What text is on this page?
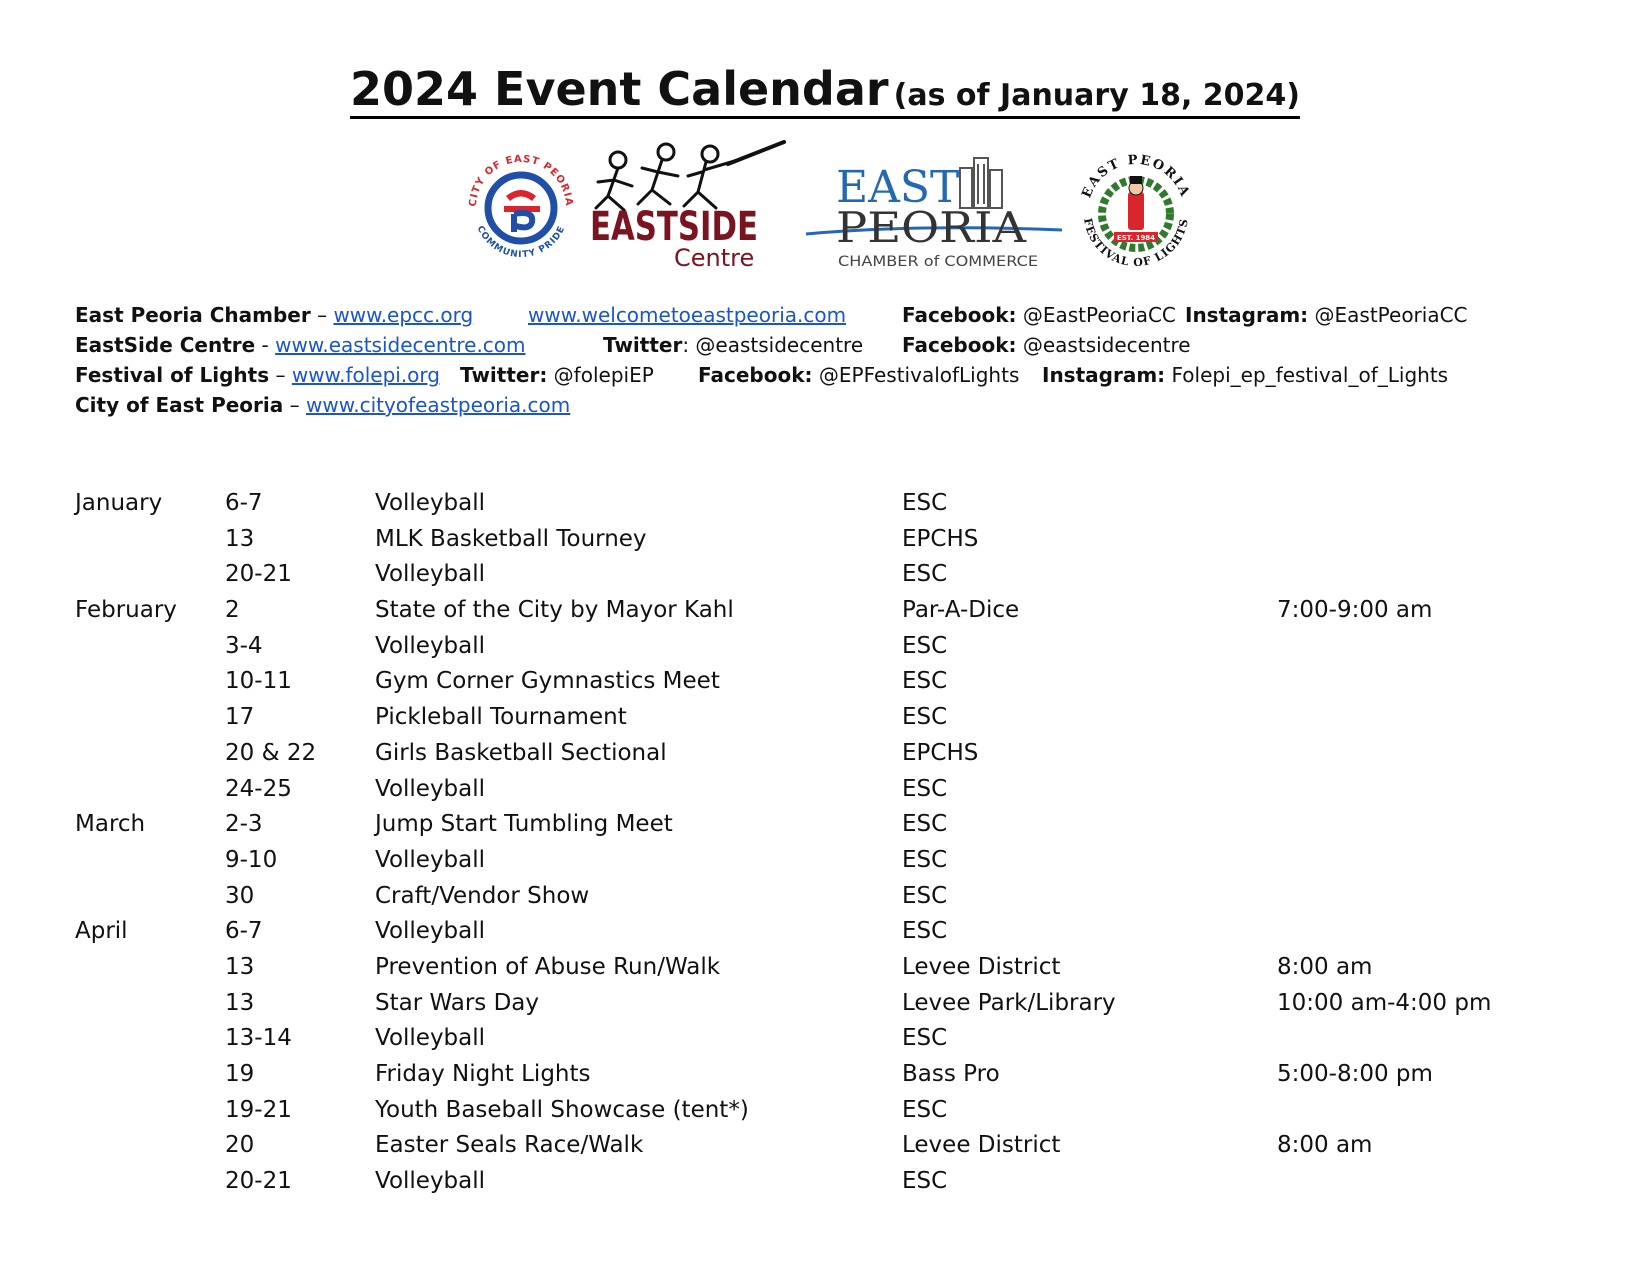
2024 Event Calendar (as of January 18, 2024)
CITY OF EAST PEORIA
COMMUNITY PRIDE EASTSIDE
Centre
EAST
PEORIA
CHAMBER of COMMERCE
EAST PEORIA
FESTIVAL OF LIGHTS
EST. 1984
East Peoria Chamber – www.epcc.org	www.welcometoeastpeoria.com	Facebook: @EastPeoriaCC Instagram: @EastPeoriaCC
EastSide Centre - www.eastsidecentre.com	Twitter: @eastsidecentre Facebook: @eastsidecentre
Festival of Lights – www.folepi.org Twitter: @folepiEP Facebook: @EPFestivalofLights Instagram: Folepi_ep_festival_of_Lights
City of East Peoria – www.cityofeastpeoria.com
January	6-7	Volleyball	ESC
13	MLK Basketball Tourney	EPCHS
20-21	Volleyball	ESC
February 2	State of the City by Mayor Kahl	Par-A-Dice	7:00-9:00 am
3-4	Volleyball	ESC
10-11	Gym Corner Gymnastics Meet	ESC
17	Pickleball Tournament	ESC
20 & 22	Girls Basketball Sectional	EPCHS
24-25	Volleyball	ESC
March	2-3	Jump Start Tumbling Meet	ESC
9-10	Volleyball	ESC
30	Craft/Vendor Show	ESC
April	6-7	Volleyball	ESC
13	Prevention of Abuse Run/Walk	Levee District	8:00 am
13	Star Wars Day	Levee Park/Library	10:00 am-4:00 pm
13-14	Volleyball	ESC
19	Friday Night Lights	Bass Pro	5:00-8:00 pm
19-21	Youth Baseball Showcase (tent*)	ESC
20	Easter Seals Race/Walk	Levee District	8:00 am
20-21	Volleyball	ESC
